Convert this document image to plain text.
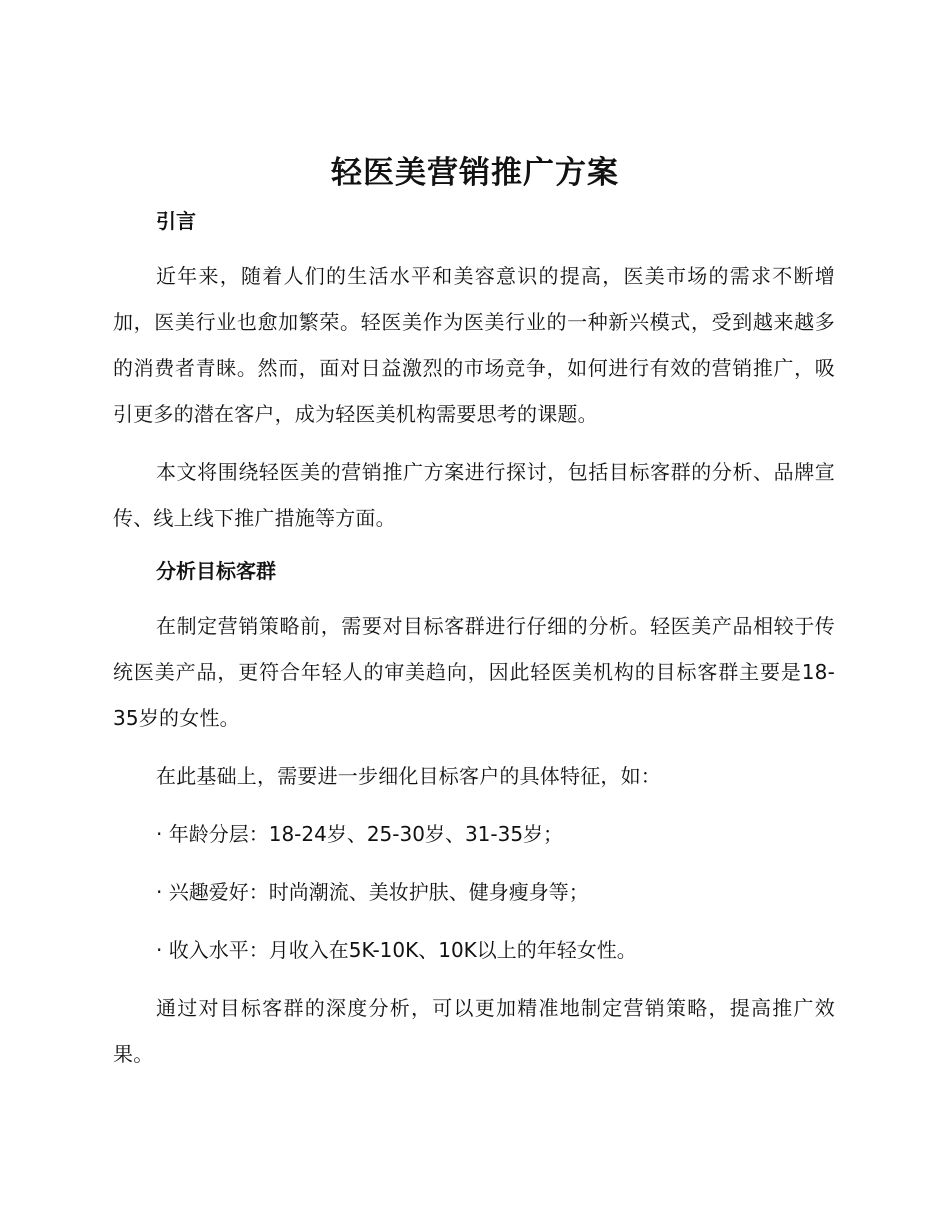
轻医美营销推广方案
引言

近年来，随着人们的生活水平和美容意识的提高，医美市场的需求不断增加，医美行业也愈加繁荣。轻医美作为医美行业的一种新兴模式，受到越来越多的消费者青睐。然而，面对日益激烈的市场竞争，如何进行有效的营销推广，吸引更多的潜在客户，成为轻医美机构需要思考的课题。

本文将围绕轻医美的营销推广方案进行探讨，包括目标客群的分析、品牌宣传、线上线下推广措施等方面。

分析目标客群

在制定营销策略前，需要对目标客群进行仔细的分析。轻医美产品相较于传统医美产品，更符合年轻人的审美趋向，因此轻医美机构的目标客群主要是18-35岁的女性。

在此基础上，需要进一步细化目标客户的具体特征，如：

· 年龄分层：18-24岁、25-30岁、31-35岁；

· 兴趣爱好：时尚潮流、美妆护肤、健身瘦身等；

· 收入水平：月收入在5K-10K、10K以上的年轻女性。

通过对目标客群的深度分析，可以更加精准地制定营销策略，提高推广效果。
